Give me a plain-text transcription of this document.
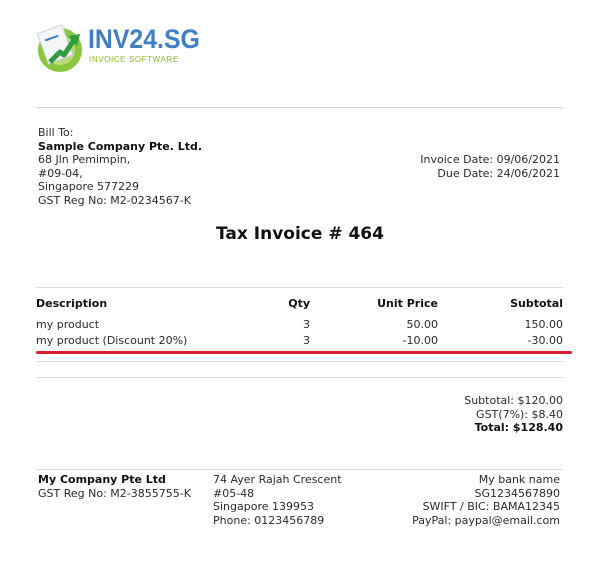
INV24.SG
INVOICE SOFTWARE
Bill To:
Sample Company Pte. Ltd.
68 Jln Pemimpin,
#09-04,
Singapore 577229
GST Reg No: M2-0234567-K
Invoice Date: 09/06/2021
Due Date: 24/06/2021
Tax Invoice # 464
Description	Qty	Unit Price	Subtotal
my product	3	50.00	150.00
my product (Discount 20%)	3	-10.00	-30.00
Subtotal: $120.00
GST(7%): $8.40
Total: $128.40
My Company Pte Ltd
GST Reg No: M2-3855755-K
74 Ayer Rajah Crescent
#05-48
Singapore 139953
Phone: 0123456789
My bank name
SG1234567890
SWIFT / BIC: BAMA12345
PayPal: paypal@email.com
